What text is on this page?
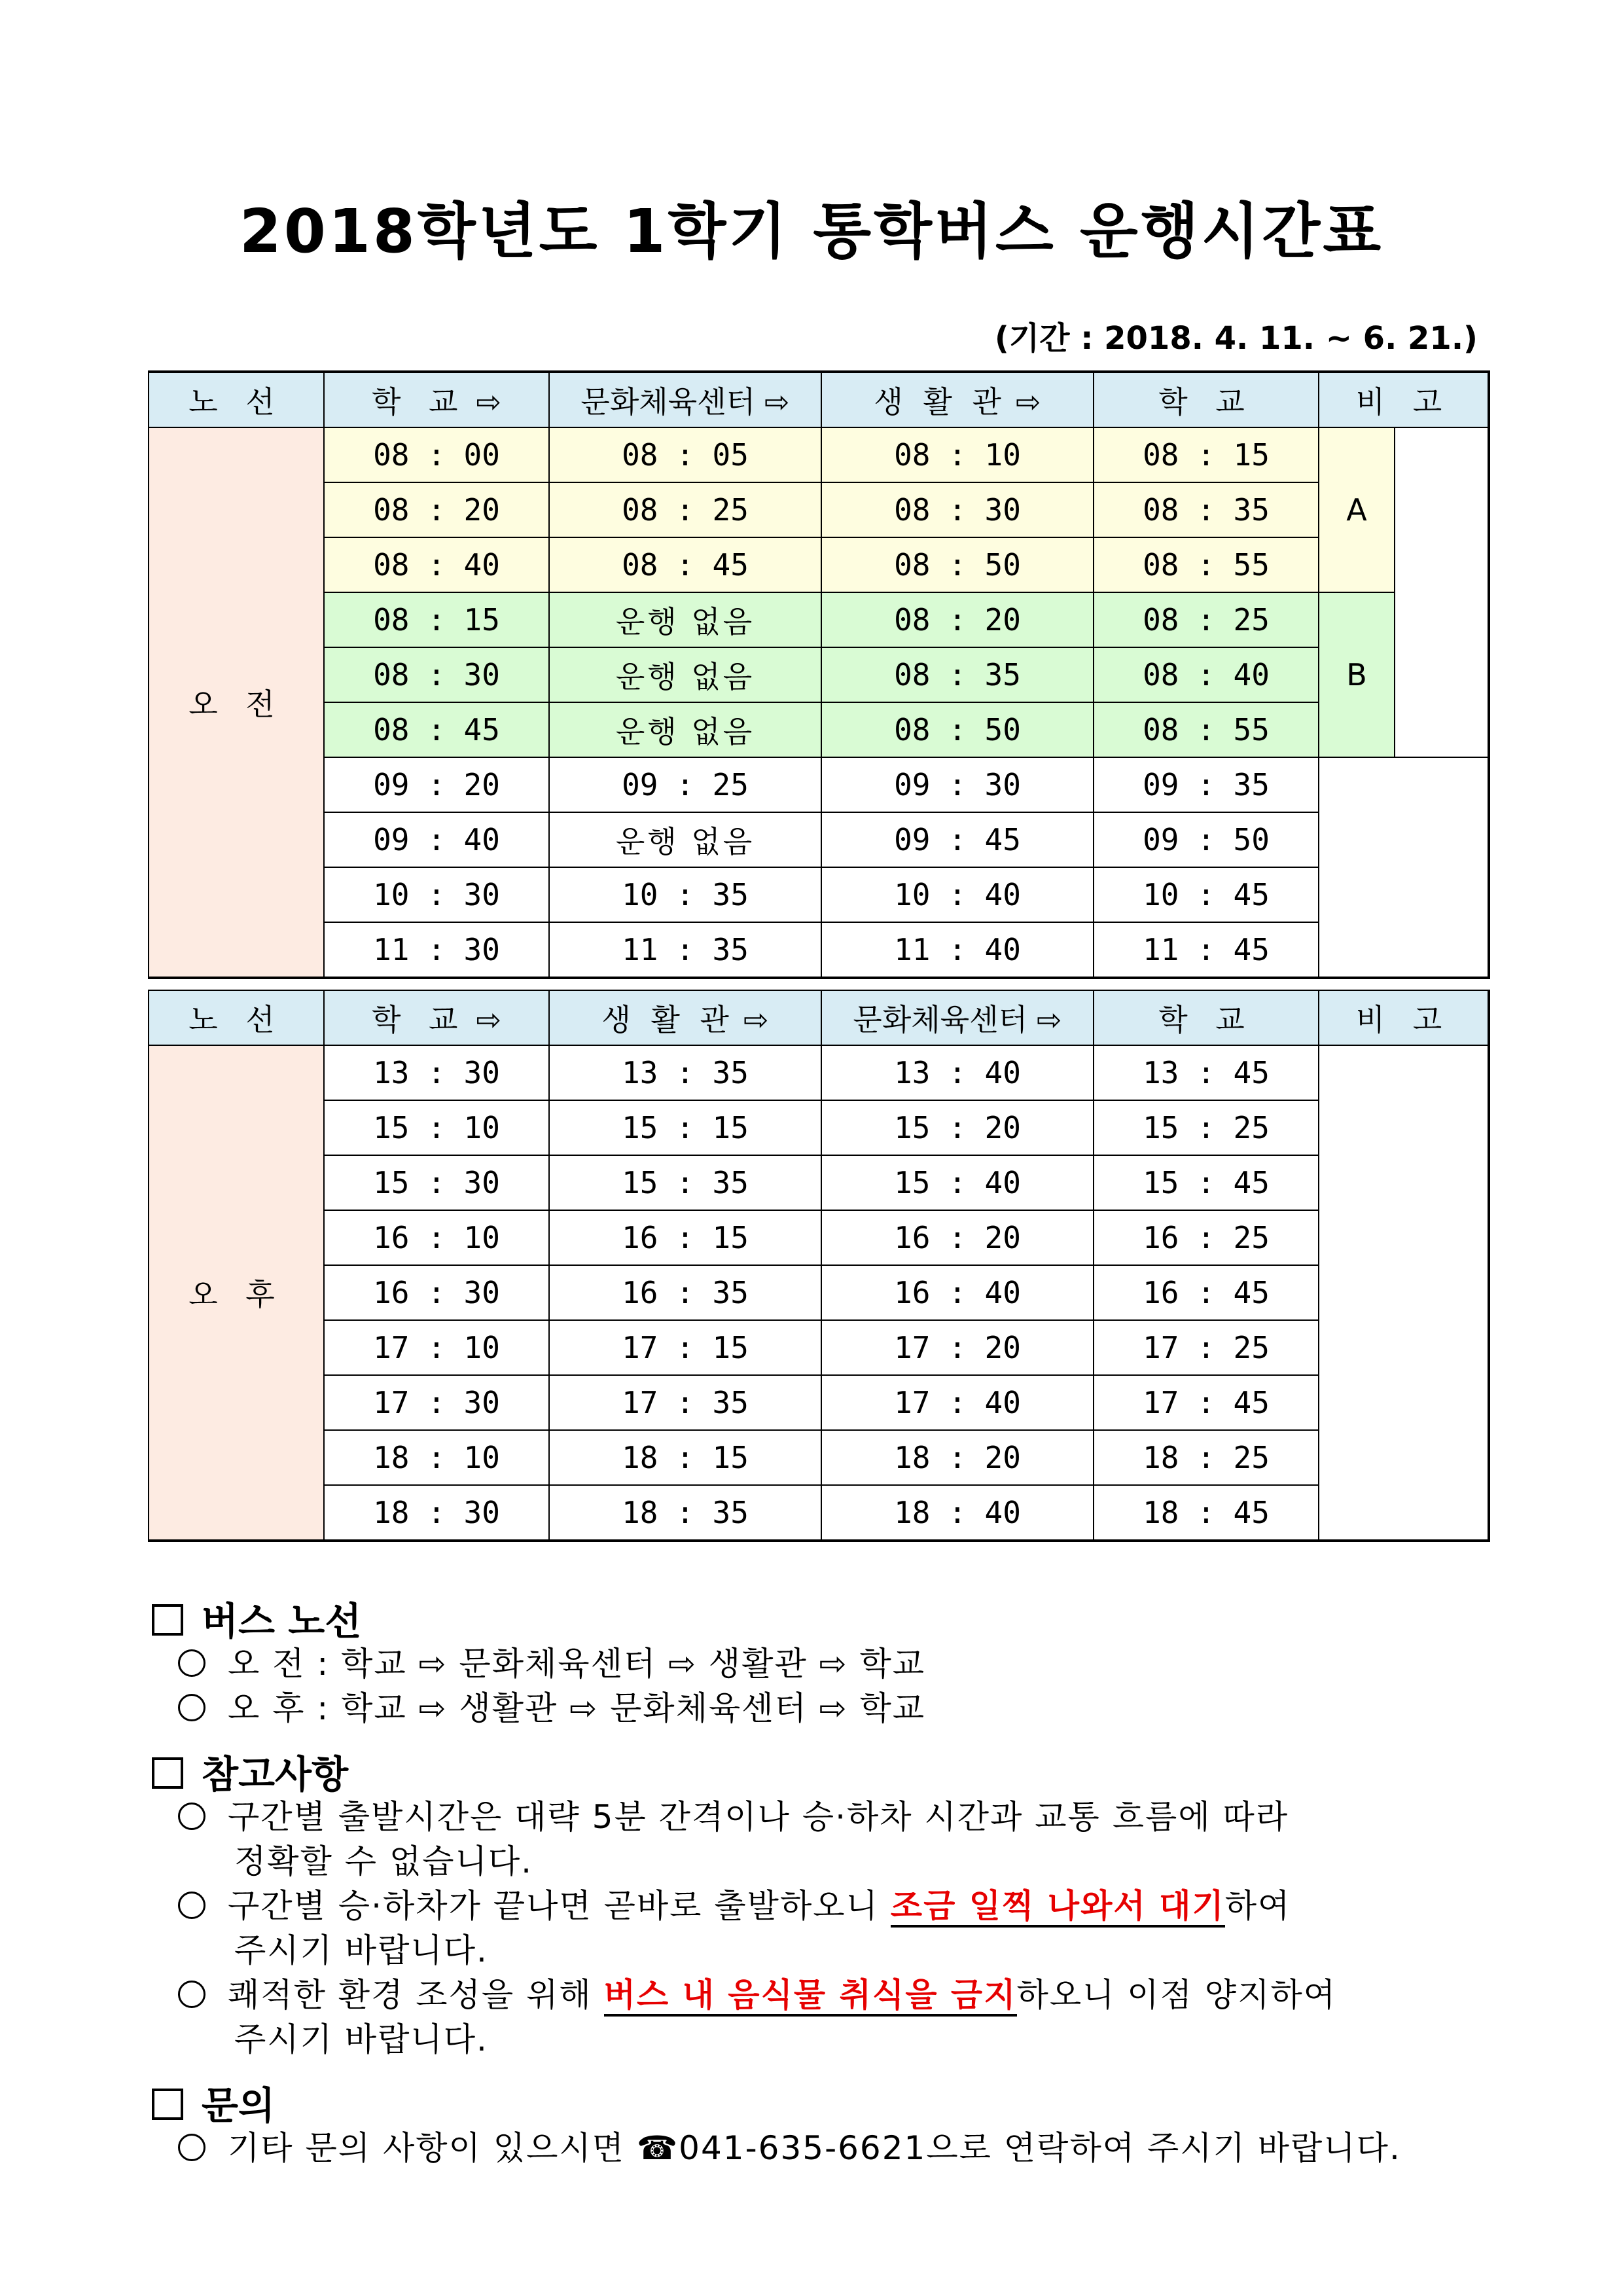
2018학년도 1학기 통학버스 운행시간표
(기간 : 2018. 4. 11. ~ 6. 21.)
노 선	학 교 ⇨	문화체육센터 ⇨	생 활 관 ⇨	학 교	비 고	
오 전	08 : 00	08 : 05	08 : 10	08 : 15	A	
	08 : 20	08 : 25	08 : 30	08 : 35		
	08 : 40	08 : 45	08 : 50	08 : 55		
	08 : 15	운행 없음	08 : 20	08 : 25	B	
	08 : 30	운행 없음	08 : 35	08 : 40		
	08 : 45	운행 없음	08 : 50	08 : 55		
	09 : 20	09 : 25	09 : 30	09 : 35		
	09 : 40	운행 없음	09 : 45	09 : 50		
	10 : 30	10 : 35	10 : 40	10 : 45		
	11 : 30	11 : 35	11 : 40	11 : 45		
노 선	학 교 ⇨	생 활 관 ⇨	문화체육센터 ⇨	학 교	비 고
오 후	13 : 30	13 : 35	13 : 40	13 : 45	
	15 : 10	15 : 15	15 : 20	15 : 25	
	15 : 30	15 : 35	15 : 40	15 : 45	
	16 : 10	16 : 15	16 : 20	16 : 25	
	16 : 30	16 : 35	16 : 40	16 : 45	
	17 : 10	17 : 15	17 : 20	17 : 25	
	17 : 30	17 : 35	17 : 40	17 : 45	
	18 : 10	18 : 15	18 : 20	18 : 25	
	18 : 30	18 : 35	18 : 40	18 : 45	
버스 노선
오 전 : 학교 ⇨ 문화체육센터 ⇨ 생활관 ⇨ 학교
오 후 : 학교 ⇨ 생활관 ⇨ 문화체육센터 ⇨ 학교
참고사항
구간별 출발시간은 대략 5분 간격이나 승·하차 시간과 교통 흐름에 따라
정확할 수 없습니다.
구간별 승·하차가 끝나면 곧바로 출발하오니 조금 일찍 나와서 대기하여
주시기 바랍니다.
쾌적한 환경 조성을 위해 버스 내 음식물 취식을 금지하오니 이점 양지하여
주시기 바랍니다.
문의
기타 문의 사항이 있으시면 ☎041-635-6621으로 연락하여 주시기 바랍니다.
